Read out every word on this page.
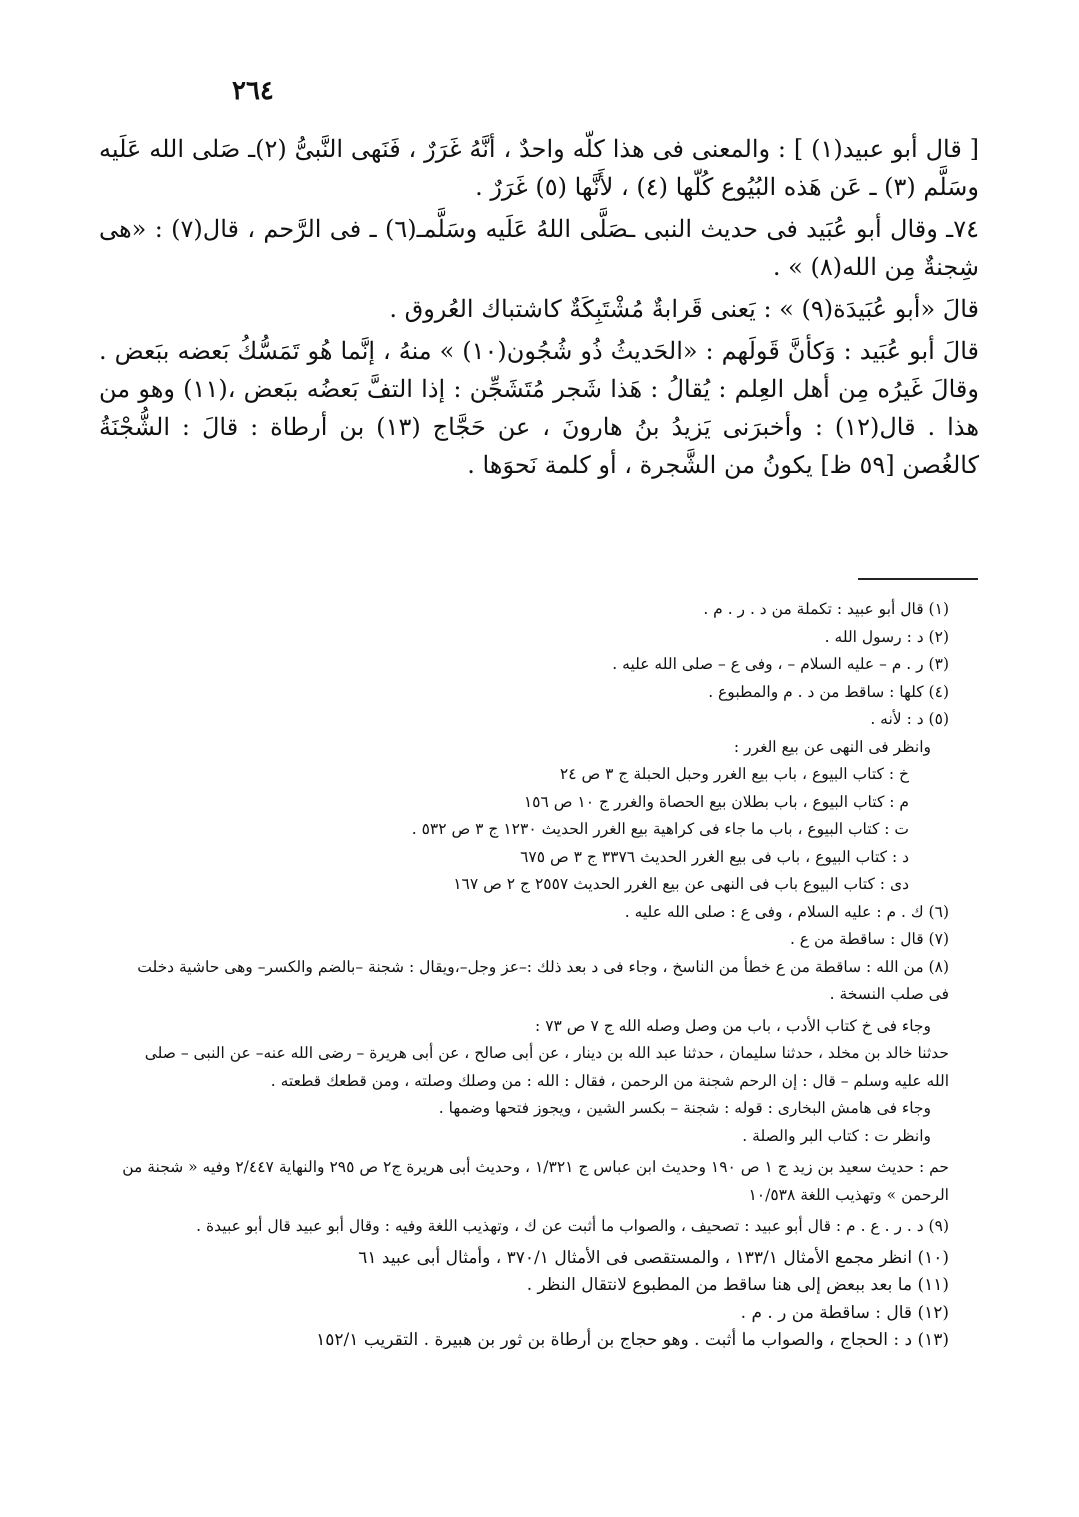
٢٦٤

[ قال أبو عبيد(١) ] : والمعنى فى هذا كلّه واحدٌ ، أنَّهُ غَرَرٌ ، فَنَهى النَّبىُّ (٢)ـ صَلى الله عَلَيه وسَلَّم (٣) ـ عَن هَذه البُيُوع كُلّها (٤) ، لأَنَّها (٥) غَرَرٌ .

٧٤ـ وقال أبو عُبَيد فى حديث النبى ـصَلَّى اللهُ عَلَيه وسَلَّمـ(٦) ـ فى الرَّحم ، قال(٧) : «هى شِجنةٌ مِن الله(٨) » .

قالَ «أبو عُبَيدَة(٩) » : يَعنى قَرابةٌ مُشْتَبِكَةٌ كاشتباك العُروق .

قالَ أبو عُبَيد : وَكأنَّ قَولَهم : «الحَديثُ ذُو شُجُون(١٠) » منهُ ، إنَّما هُو تَمَسُّكُ بَعضه ببَعض . وقالَ غَيرُه مِن أهل العِلم : يُقالُ : هَذا شَجر مُتَشَجِّن : إذا التفَّ بَعضُه ببَعض ،(١١) وهو من هذا . قال(١٢) : وأخبرَنى يَزيدُ بنُ هارونَ ، عن حَجَّاج (١٣) بن أرطاة : قالَ : الشُّجْنَةُ كالغُصن [٥٩ ظ] يكونُ من الشَّجرة ، أو كلمة نَحوَها .

(١) قال أبو عبيد : تكملة من د . ر . م .

(٢) د : رسول الله .

(٣) ر . م – عليه السلام – ، وفى ع – صلى الله عليه .

(٤) كلها : ساقط من د . م والمطبوع .

(٥) د : لأنه .

وانظر فى النهى عن بيع الغرر :

خ : كتاب البيوع ، باب بيع الغرر وحبل الحبلة ج ٣ ص ٢٤

م : كتاب البيوع ، باب بطلان بيع الحصاة والغرر ج ١٠ ص ١٥٦

ت : كتاب البيوع ، باب ما جاء فى كراهية بيع الغرر الحديث ١٢٣٠ ج ٣ ص ٥٣٢ .

د : كتاب البيوع ، باب فى بيع الغرر الحديث ٣٣٧٦ ج ٣ ص ٦٧٥

دى : كتاب البيوع باب فى النهى عن بيع الغرر الحديث ٢٥٥٧ ج ٢ ص ١٦٧

(٦) ك . م : عليه السلام ، وفى ع : صلى الله عليه .

(٧) قال : ساقطة من ع .

(٨) من الله : ساقطة من ع خطأ من الناسخ ، وجاء فى د بعد ذلك :–عز وجل–،ويقال : شجنة –بالضم والكسر– وهى حاشية دخلت فى صلب النسخة .

وجاء فى خ كتاب الأدب ، باب من وصل وصله الله ج ٧ ص ٧٣ :

حدثنا خالد بن مخلد ، حدثنا سليمان ، حدثنا عبد الله بن دينار ، عن أبى صالح ، عن أبى هريرة – رضى الله عنه– عن النبى – صلى الله عليه وسلم – قال : إن الرحم شجنة من الرحمن ، فقال : الله : من وصلك وصلته ، ومن قطعك قطعته .

وجاء فى هامش البخارى : قوله : شجنة – بكسر الشين ، ويجوز فتحها وضمها .

وانظر ت : كتاب البر والصلة .

حم : حديث سعيد بن زيد ج ١ ص ١٩٠ وحديث ابن عباس ج ١/٣٢١ ، وحديث أبى هريرة ج٢ ص ٢٩٥ والنهاية ٢/٤٤٧ وفيه « شجنة من الرحمن » وتهذيب اللغة ١٠/٥٣٨

(٩) د . ر . ع . م : قال أبو عبيد : تصحيف ، والصواب ما أثبت عن ك ، وتهذيب اللغة وفيه : وقال أبو عبيد قال أبو عبيدة .

(١٠) انظر مجمع الأمثال ١٣٣/١ ، والمستقصى فى الأمثال ٣٧٠/١ ، وأمثال أبى عبيد ٦١

(١١) ما بعد ببعض إلى هنا ساقط من المطبوع لانتقال النظر .

(١٢) قال : ساقطة من ر . م .

(١٣) د : الحجاج ، والصواب ما أثبت . وهو حجاج بن أرطاة بن ثور بن هبيرة . التقريب ١٥٢/١
